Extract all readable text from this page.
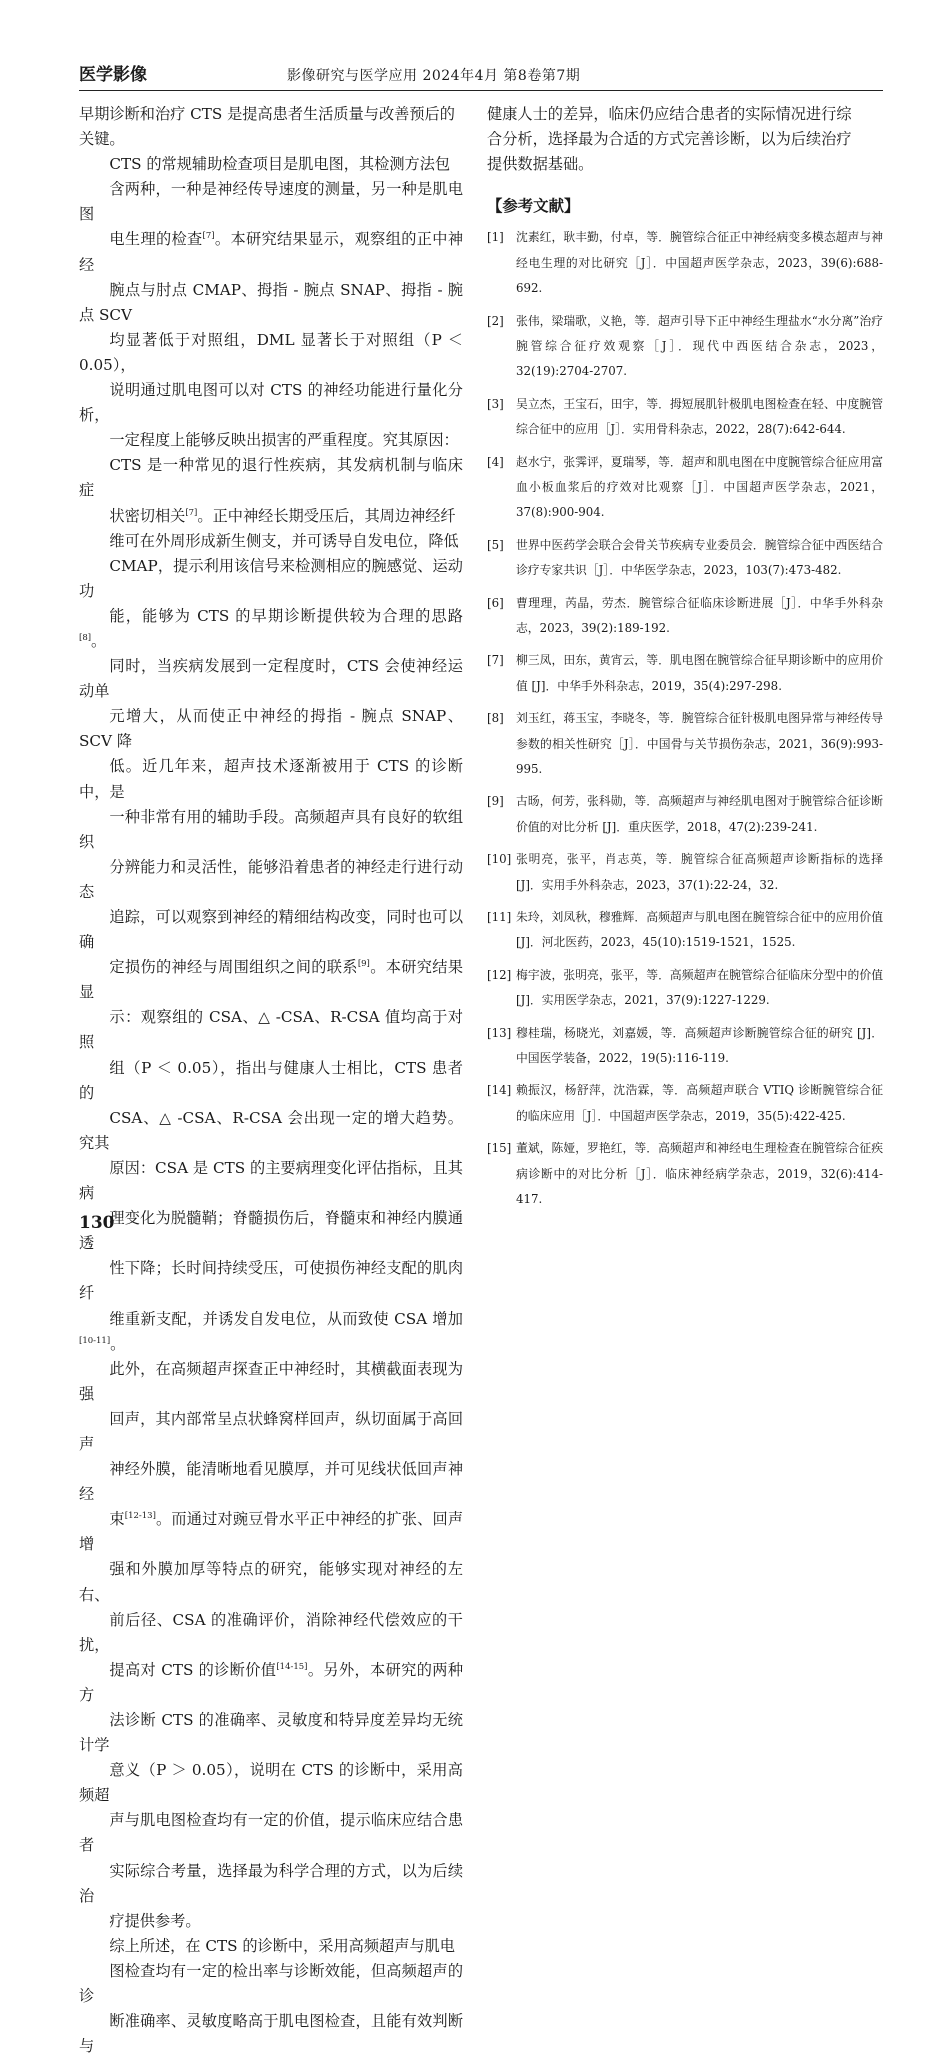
医学影像	影像研究与医学应用 2024年4月 第8卷第7期
早期诊断和治疗 CTS 是提高患者生活质量与改善预后的
关键。
CTS 的常规辅助检查项目是肌电图，其检测方法包
含两种，一种是神经传导速度的测量，另一种是肌电图
电生理的检查[7]。本研究结果显示，观察组的正中神经
腕点与肘点 CMAP、拇指 - 腕点 SNAP、拇指 - 腕点 SCV
均显著低于对照组，DML 显著长于对照组（P ＜ 0.05），
说明通过肌电图可以对 CTS 的神经功能进行量化分析，
一定程度上能够反映出损害的严重程度。究其原因：
CTS 是一种常见的退行性疾病，其发病机制与临床症
状密切相关[7]。正中神经长期受压后，其周边神经纤
维可在外周形成新生侧支，并可诱导自发电位，降低
CMAP，提示利用该信号来检测相应的腕感觉、运动功
能，能够为 CTS 的早期诊断提供较为合理的思路[8]。
同时，当疾病发展到一定程度时，CTS 会使神经运动单
元增大，从而使正中神经的拇指 - 腕点 SNAP、SCV 降
低。近几年来，超声技术逐渐被用于 CTS 的诊断中，是
一种非常有用的辅助手段。高频超声具有良好的软组织
分辨能力和灵活性，能够沿着患者的神经走行进行动态
追踪，可以观察到神经的精细结构改变，同时也可以确
定损伤的神经与周围组织之间的联系[9]。本研究结果显
示：观察组的 CSA、△ -CSA、R-CSA 值均高于对照
组（P ＜ 0.05），指出与健康人士相比，CTS 患者的
CSA、△ -CSA、R-CSA 会出现一定的增大趋势。究其
原因：CSA 是 CTS 的主要病理变化评估指标，且其病
理变化为脱髓鞘；脊髓损伤后，脊髓束和神经内膜通透
性下降；长时间持续受压，可使损伤神经支配的肌肉纤
维重新支配，并诱发自发电位，从而致使 CSA 增加[10-11]。
此外，在高频超声探查正中神经时，其横截面表现为强
回声，其内部常呈点状蜂窝样回声，纵切面属于高回声
神经外膜，能清晰地看见膜厚，并可见线状低回声神经
束[12-13]。而通过对豌豆骨水平正中神经的扩张、回声增
强和外膜加厚等特点的研究，能够实现对神经的左右、
前后径、CSA 的准确评价，消除神经代偿效应的干扰，
提高对 CTS 的诊断价值[14-15]。另外，本研究的两种方
法诊断 CTS 的准确率、灵敏度和特异度差异均无统计学
意义（P ＞ 0.05），说明在 CTS 的诊断中，采用高频超
声与肌电图检查均有一定的价值，提示临床应结合患者
实际综合考量，选择最为科学合理的方式，以为后续治
疗提供参考。
综上所述，在 CTS 的诊断中，采用高频超声与肌电
图检查均有一定的检出率与诊断效能，但高频超声的诊
断准确率、灵敏度略高于肌电图检查，且能有效判断与
健康人士的差异，临床仍应结合患者的实际情况进行综
合分析，选择最为合适的方式完善诊断，以为后续治疗
提供数据基础。
【参考文献】
[1]	沈素红，耿丰勤，付卓，等．腕管综合征正中神经病变多模态超声与神经电生理的对比研究［J］．中国超声医学杂志，2023，39(6):688-692.
[2]	张伟，梁瑞歌，义艳，等．超声引导下正中神经生理盐水“水分离”治疗腕管综合征疗效观察［J］．现代中西医结合杂志，2023，32(19):2704-2707.
[3]	吴立杰，王宝石，田宇，等．拇短展肌针极肌电图检查在轻、中度腕管综合征中的应用［J］．实用骨科杂志，2022，28(7):642-644.
[4]	赵水宁，张霁评，夏瑞琴，等．超声和肌电图在中度腕管综合征应用富血小板血浆后的疗效对比观察［J］．中国超声医学杂志，2021，37(8):900-904.
[5]	世界中医药学会联合会骨关节疾病专业委员会．腕管综合征中西医结合诊疗专家共识［J］．中华医学杂志，2023，103(7):473-482.
[6]	曹理理，芮晶，劳杰．腕管综合征临床诊断进展［J］．中华手外科杂志，2023，39(2):189-192.
[7]	柳三凤，田东，黄宵云，等．肌电图在腕管综合征早期诊断中的应用价值 [J]．中华手外科杂志，2019，35(4):297-298.
[8]	刘玉红，蒋玉宝，李晓冬，等．腕管综合征针极肌电图异常与神经传导参数的相关性研究［J］．中国骨与关节损伤杂志，2021，36(9):993-995.
[9]	古旸，何芳，张科勋，等．高频超声与神经肌电图对于腕管综合征诊断价值的对比分析 [J]．重庆医学，2018，47(2):239-241.
[10] 张明亮，张平，肖志英，等．腕管综合征高频超声诊断指标的选择 [J]．实用手外科杂志，2023，37(1):22-24，32.
[11] 朱玲，刘凤秋，穆雅辉．高频超声与肌电图在腕管综合征中的应用价值 [J]．河北医药，2023，45(10):1519-1521，1525.
[12] 梅宇波，张明亮，张平，等．高频超声在腕管综合征临床分型中的价值 [J]．实用医学杂志，2021，37(9):1227-1229.
[13] 穆桂瑞，杨晓光，刘嘉媛，等．高频超声诊断腕管综合征的研究 [J]．中国医学装备，2022，19(5):116-119.
[14] 赖振汉，杨舒萍，沈浩霖，等．高频超声联合 VTIQ 诊断腕管综合征的临床应用［J］．中国超声医学杂志，2019，35(5):422-425.
[15] 董斌，陈娅，罗艳红，等．高频超声和神经电生理检查在腕管综合征疾病诊断中的对比分析［J］．临床神经病学杂志，2019，32(6):414-417.
130
